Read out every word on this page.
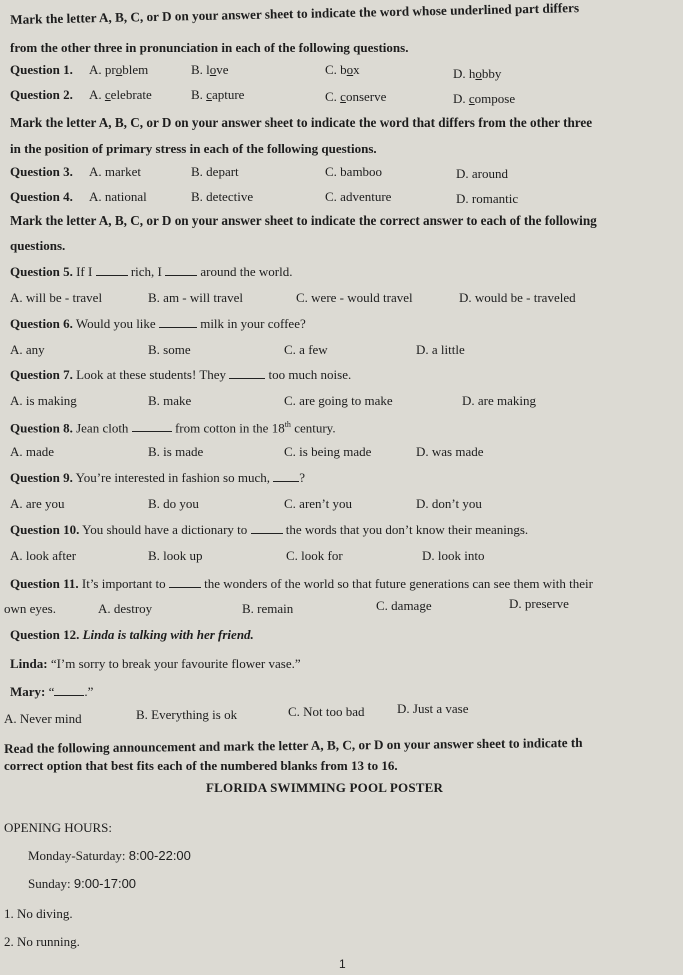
Mark the letter A, B, C, or D on your answer sheet to indicate the word whose underlined part differs
from the other three in pronunciation in each of the following questions.
Question 1. A. problem	B. love	C. box	D. hobby
Question 2. A. celebrate	B. capture	C. conserve	D. compose
Mark the letter A, B, C, or D on your answer sheet to indicate the word that differs from the other three
in the position of primary stress in each of the following questions.
Question 3. A. market	B. depart	C. bamboo	D. around
Question 4. A. national	B. detective	C. adventure	D. romantic
Mark the letter A, B, C, or D on your answer sheet to indicate the correct answer to each of the following
questions.
Question 5. If I	rich, I	around the world.
A. will be - travel	B. am - will travel	C. were - would travel	D. would be - traveled
Question 6. Would you like	milk in your coffee?
A. any	B. some	C. a few	D. a little
Question 7. Look at these students! They	too much noise.
A. is making	B. make	C. are going to make	D. are making
Question 8. Jean cloth	from cotton in the 18th century.
A. made	B. is made	C. is being made	D. was made
Question 9. You’re interested in fashion so much, ?
A. are you	B. do you	C. aren’t you	D. don’t you
Question 10. You should have a dictionary to	the words that you don’t know their meanings.
A. look after	B. look up	C. look for	D. look into
Question 11. It’s important to	the wonders of the world so that future generations can see them with their
own eyes.	A. destroy	B. remain	C. damage	D. preserve
Question 12. Linda is talking with her friend.
Linda: “I’m sorry to break your favourite flower vase.”
Mary: “ .”
A. Never mind	B. Everything is ok	C. Not too bad D. Just a vase
Read the following announcement and mark the letter A, B, C, or D on your answer sheet to indicate th
correct option that best fits each of the numbered blanks from 13 to 16.
FLORIDA SWIMMING POOL POSTER
OPENING HOURS:
Monday-Saturday: 8:00-22:00
Sunday: 9:00-17:00
1. No diving.
2. No running.
1
